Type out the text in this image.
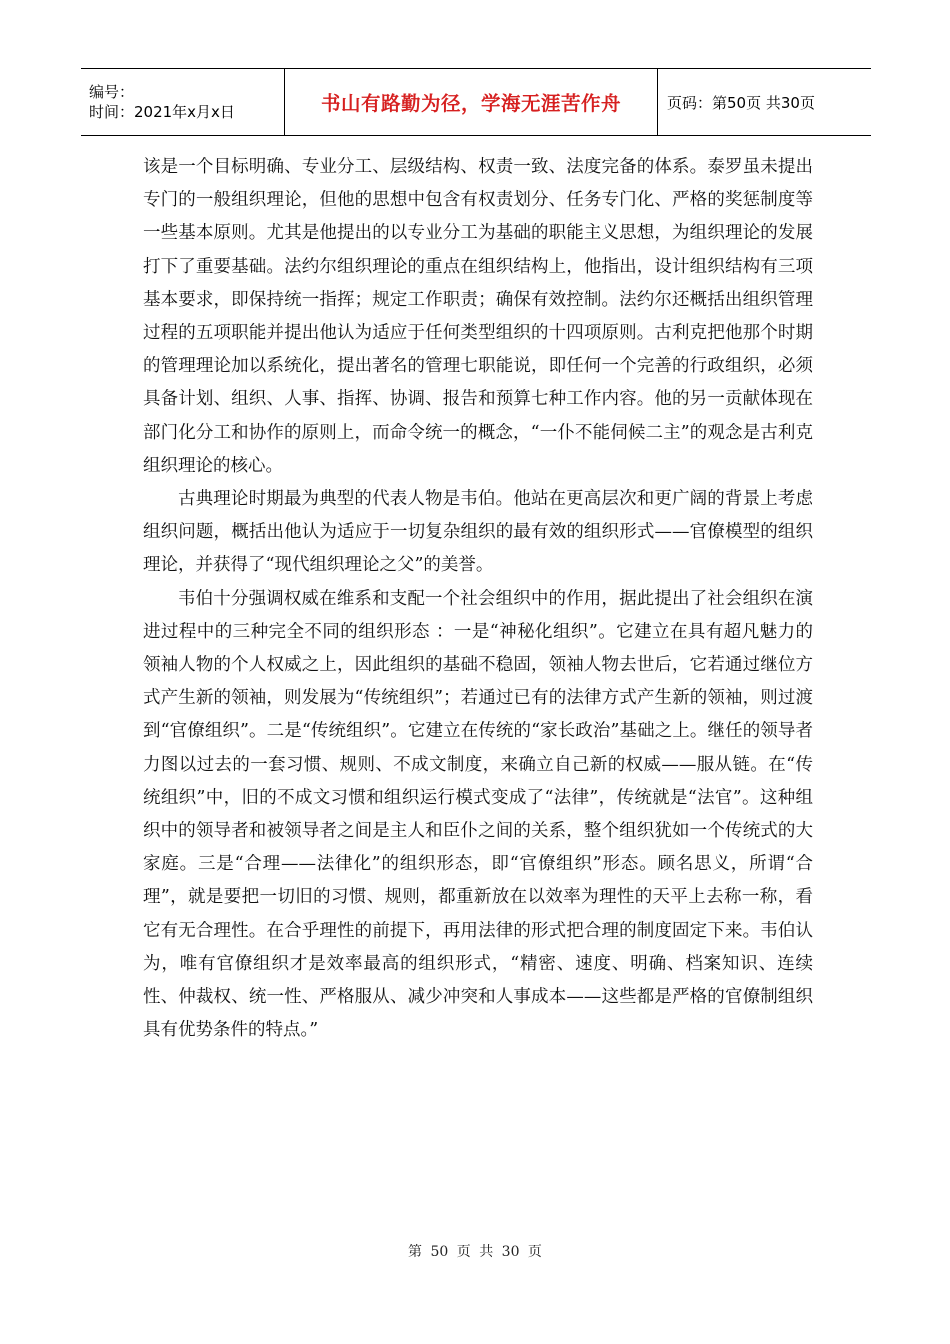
编号：
时间：2021年x月x日	书山有路勤为径，学海无涯苦作舟	页码：第50页 共30页

该是一个目标明确、专业分工、层级结构、权责一致、法度完备的体系。泰罗虽未提出专门的一般组织理论，但他的思想中包含有权责划分、任务专门化、严格的奖惩制度等一些基本原则。尤其是他提出的以专业分工为基础的职能主义思想，为组织理论的发展打下了重要基础。法约尔组织理论的重点在组织结构上，他指出，设计组织结构有三项基本要求，即保持统一指挥；规定工作职责；确保有效控制。法约尔还概括出组织管理过程的五项职能并提出他认为适应于任何类型组织的十四项原则。古利克把他那个时期的管理理论加以系统化，提出著名的管理七职能说，即任何一个完善的行政组织，必须具备计划、组织、人事、指挥、协调、报告和预算七种工作内容。他的另一贡献体现在部门化分工和协作的原则上，而命令统一的概念，“一仆不能伺候二主”的观念是古利克组织理论的核心。

古典理论时期最为典型的代表人物是韦伯。他站在更高层次和更广阔的背景上考虑组织问题，概括出他认为适应于一切复杂组织的最有效的组织形式——官僚模型的组织理论，并获得了“现代组织理论之父”的美誉。

韦伯十分强调权威在维系和支配一个社会组织中的作用，据此提出了社会组织在演进过程中的三种完全不同的组织形态 ：一是“神秘化组织”。它建立在具有超凡魅力的领袖人物的个人权威之上，因此组织的基础不稳固，领袖人物去世后，它若通过继位方式产生新的领袖，则发展为“传统组织”；若通过已有的法律方式产生新的领袖，则过渡到“官僚组织”。二是“传统组织”。它建立在传统的“家长政治”基础之上。继任的领导者力图以过去的一套习惯、规则、不成文制度，来确立自己新的权威——服从链。在“传统组织”中，旧的不成文习惯和组织运行模式变成了“法律”，传统就是“法官”。这种组织中的领导者和被领导者之间是主人和臣仆之间的关系，整个组织犹如一个传统式的大家庭。三是“合理——法律化”的组织形态，即“官僚组织”形态。顾名思义，所谓“合理”，就是要把一切旧的习惯、规则，都重新放在以效率为理性的天平上去称一称，看它有无合理性。在合乎理性的前提下，再用法律的形式把合理的制度固定下来。韦伯认为，唯有官僚组织才是效率最高的组织形式，“精密、速度、明确、档案知识、连续性、仲裁权、统一性、严格服从、减少冲突和人事成本——这些都是严格的官僚制组织具有优势条件的特点。”

第 50 页 共 30 页
